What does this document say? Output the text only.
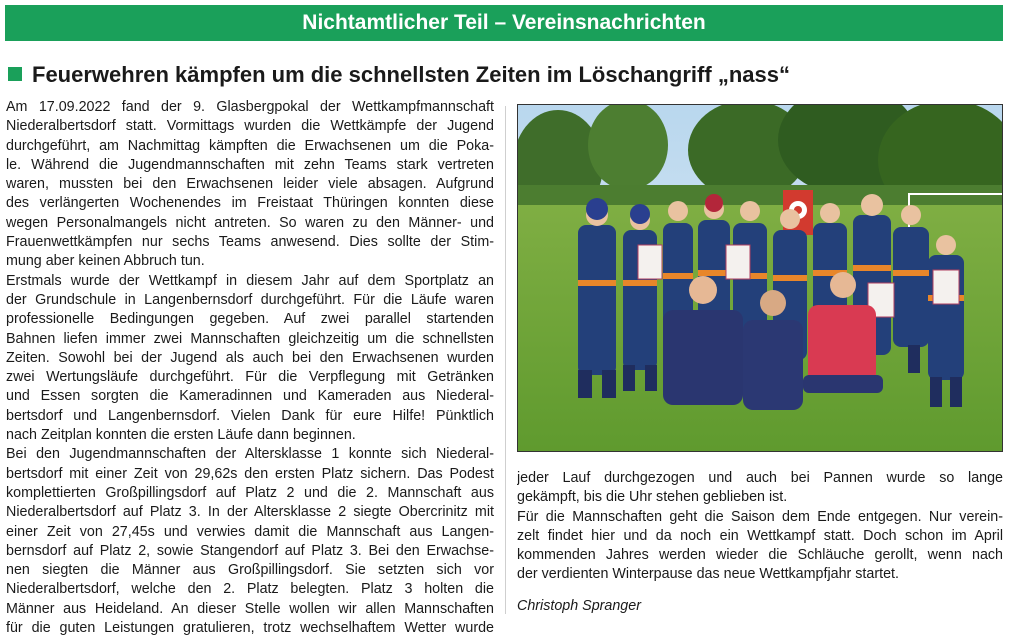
Nichtamtlicher Teil – Vereinsnachrichten
Feuerwehren kämpfen um die schnellsten Zeiten im Löschangriff „nass“
Am 17.09.2022 fand der 9. Glasbergpokal der Wettkampfmannschaft
Niederalbertsdorf statt. Vormittags wurden die Wettkämpfe der Jugend
durchgeführt, am Nachmittag kämpften die Erwachsenen um die Poka-
le. Während die Jugendmannschaften mit zehn Teams stark vertreten
waren, mussten bei den Erwachsenen leider viele absagen. Aufgrund
des verlängerten Wochenendes im Freistaat Thüringen konnten diese
wegen Personalmangels nicht antreten. So waren zu den Männer- und
Frauenwettkämpfen nur sechs Teams anwesend. Dies sollte der Stim-
mung aber keinen Abbruch tun.
Erstmals wurde der Wettkampf in diesem Jahr auf dem Sportplatz an
der Grundschule in Langenbernsdorf durchgeführt. Für die Läufe waren
professionelle Bedingungen gegeben. Auf zwei parallel startenden
Bahnen liefen immer zwei Mannschaften gleichzeitig um die schnellsten
Zeiten. Sowohl bei der Jugend als auch bei den Erwachsenen wurden
zwei Wertungsläufe durchgeführt. Für die Verpflegung mit Getränken
und Essen sorgten die Kameradinnen und Kameraden aus Niederal-
bertsdorf und Langenbernsdorf. Vielen Dank für eure Hilfe! Pünktlich
nach Zeitplan konnten die ersten Läufe dann beginnen.
Bei den Jugendmannschaften der Altersklasse 1 konnte sich Niederal-
bertsdorf mit einer Zeit von 29,62s den ersten Platz sichern. Das Podest
komplettierten Großpillingsdorf auf Platz 2 und die 2. Mannschaft aus
Niederalbertsdorf auf Platz 3. In der Altersklasse 2 siegte Obercrinitz mit
einer Zeit von 27,45s und verwies damit die Mannschaft aus Langen-
bernsdorf auf Platz 2, sowie Stangendorf auf Platz 3. Bei den Erwachse-
nen siegten die Männer aus Großpillingsdorf. Sie setzten sich vor
Niederalbertsdorf, welche den 2. Platz belegten. Platz 3 holten die
Männer aus Heideland. An dieser Stelle wollen wir allen Mannschaften
für die guten Leistungen gratulieren, trotz wechselhaftem Wetter wurde
jeder Lauf durchgezogen und auch bei Pannen wurde so lange
gekämpft, bis die Uhr stehen geblieben ist.
Für die Mannschaften geht die Saison dem Ende entgegen. Nur verein-
zelt findet hier und da noch ein Wettkampf statt. Doch schon im April
kommenden Jahres werden wieder die Schläuche gerollt, wenn nach
der verdienten Winterpause das neue Wettkampfjahr startet.
Christoph Spranger
